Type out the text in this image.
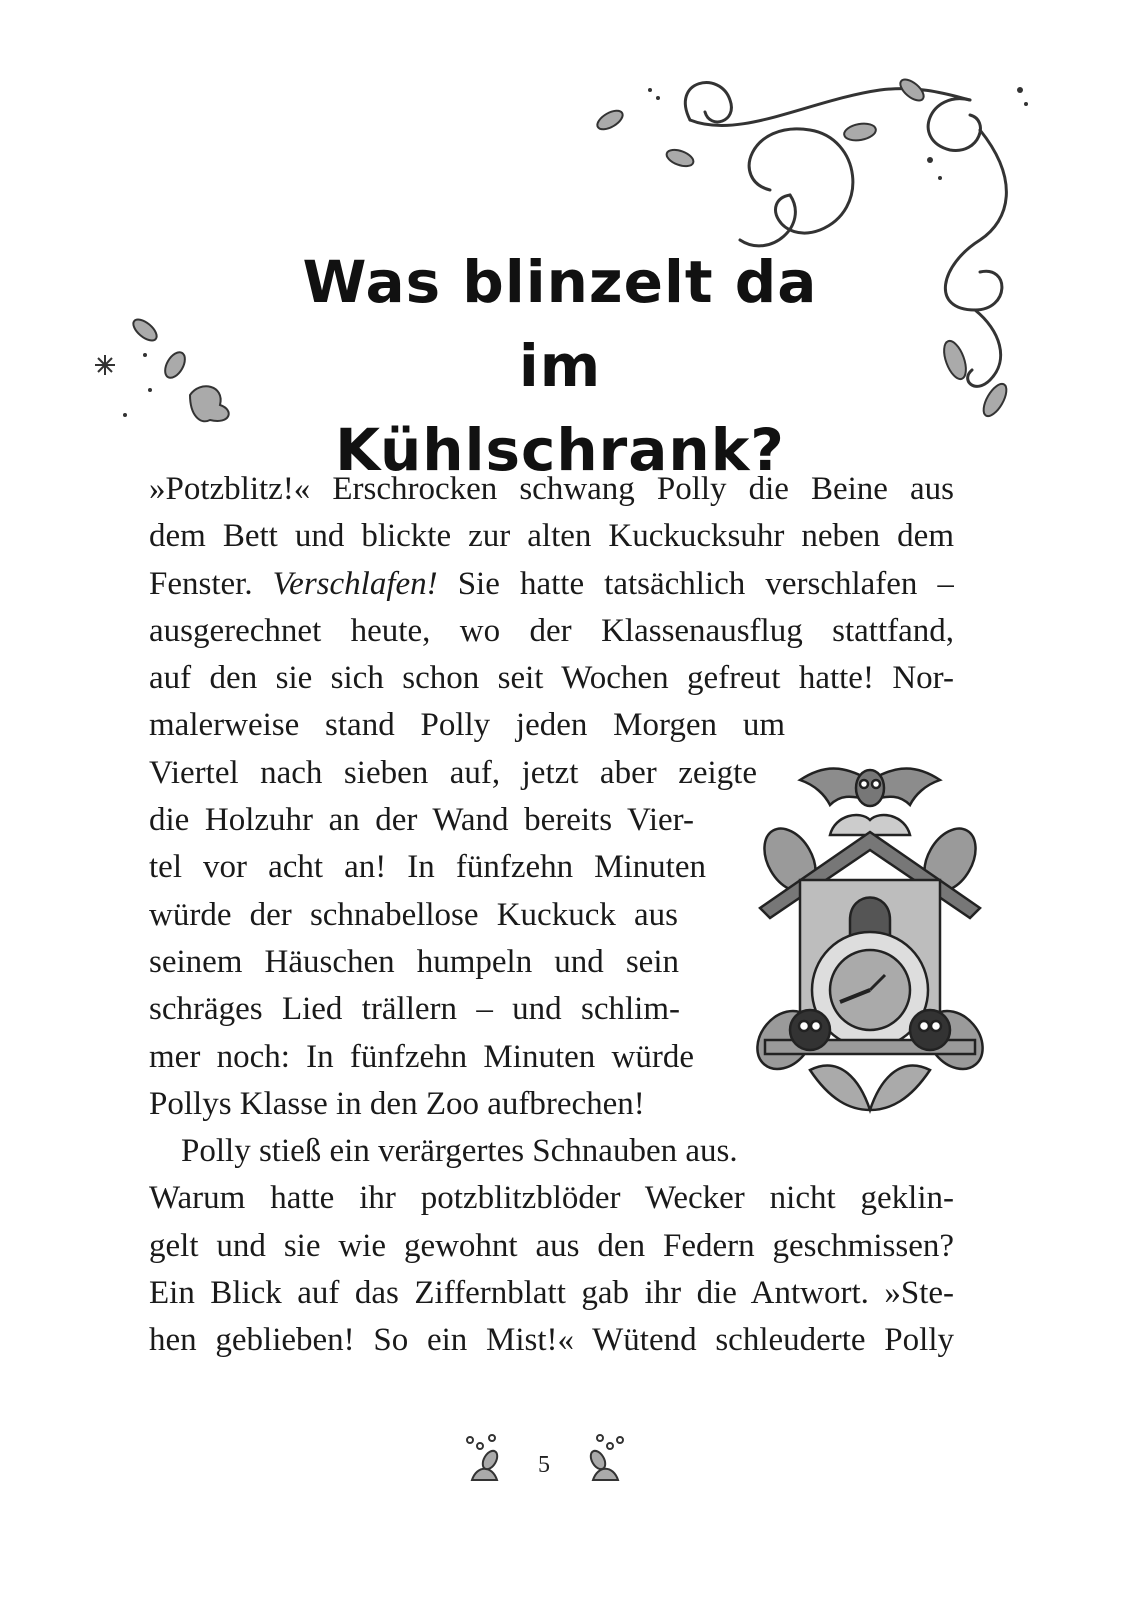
Was blinzelt da im
Kühlschrank?
»Potzblitz!« Erschrocken schwang Polly die Beine aus
dem Bett und blickte zur alten Kuckucksuhr neben dem
Fenster. Verschlafen! Sie hatte tatsächlich verschlafen –
ausgerechnet heute, wo der Klassenausflug stattfand,
auf den sie sich schon seit Wochen gefreut hatte! Nor-
malerweise stand Polly jeden Morgen um
Viertel nach sieben auf, jetzt aber zeigte
die Holzuhr an der Wand bereits Vier-
tel vor acht an! In fünfzehn Minuten
würde der schnabellose Kuckuck aus
seinem Häuschen humpeln und sein
schräges Lied trällern – und schlim-
mer noch: In fünfzehn Minuten würde
Pollys Klasse in den Zoo aufbrechen!
Polly stieß ein verärgertes Schnauben aus.
Warum hatte ihr potzblitzblöder Wecker nicht geklin-
gelt und sie wie gewohnt aus den Federn geschmissen?
Ein Blick auf das Ziffernblatt gab ihr die Antwort. »Ste-
hen geblieben! So ein Mist!« Wütend schleuderte Polly
5
